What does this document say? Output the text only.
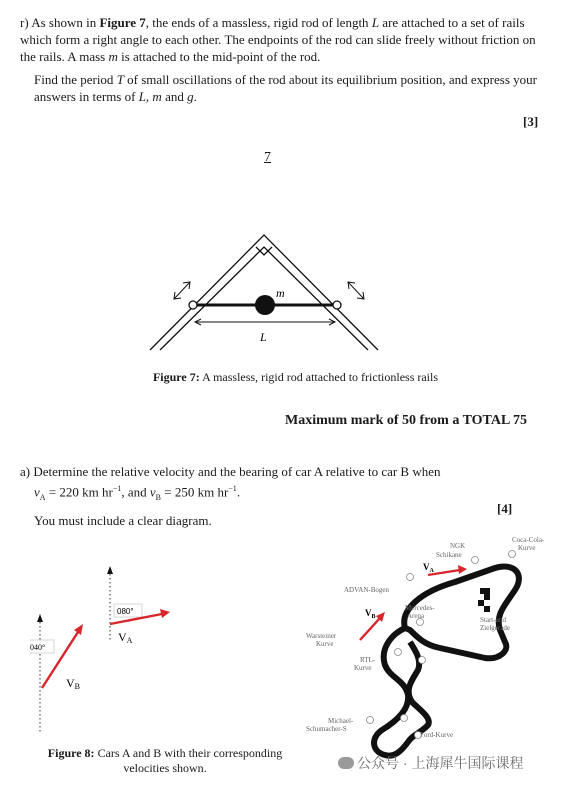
r) As shown in Figure 7, the ends of a massless, rigid rod of length L are attached to a set of rails which form a right angle to each other. The endpoints of the rod can slide freely without friction on the rails. A mass m is attached to the mid-point of the rod.

Find the period T of small oscillations of the rod about its equilibrium position, and express your answers in terms of L, m and g.

[3]
7
m
L
Figure 7: A massless, rigid rod attached to frictionless rails
Maximum mark of 50 from a TOTAL 75

a) Determine the relative velocity and the bearing of car A relative to car B when

$v_A = 220$ km $hr^{-1}$, and $v_B = 250$ km $hr^{-1}$.

You must include a clear diagram.

[4]
080°
040°
VA
VB
Figure 8: Cars A and B with their corresponding
velocities shown.
$V_A$
$V_B$
NGK
Schikane
Coca-Cola-
Kurve
ADVAN-Bogen
Mercedes-
Arena	Start-und
Zielgerade
Warsteiner
Kurve
RTL-
Kurve
Michael-
Schumacher-S
Ford-Kurve
公众号 · 上海犀牛国际课程
